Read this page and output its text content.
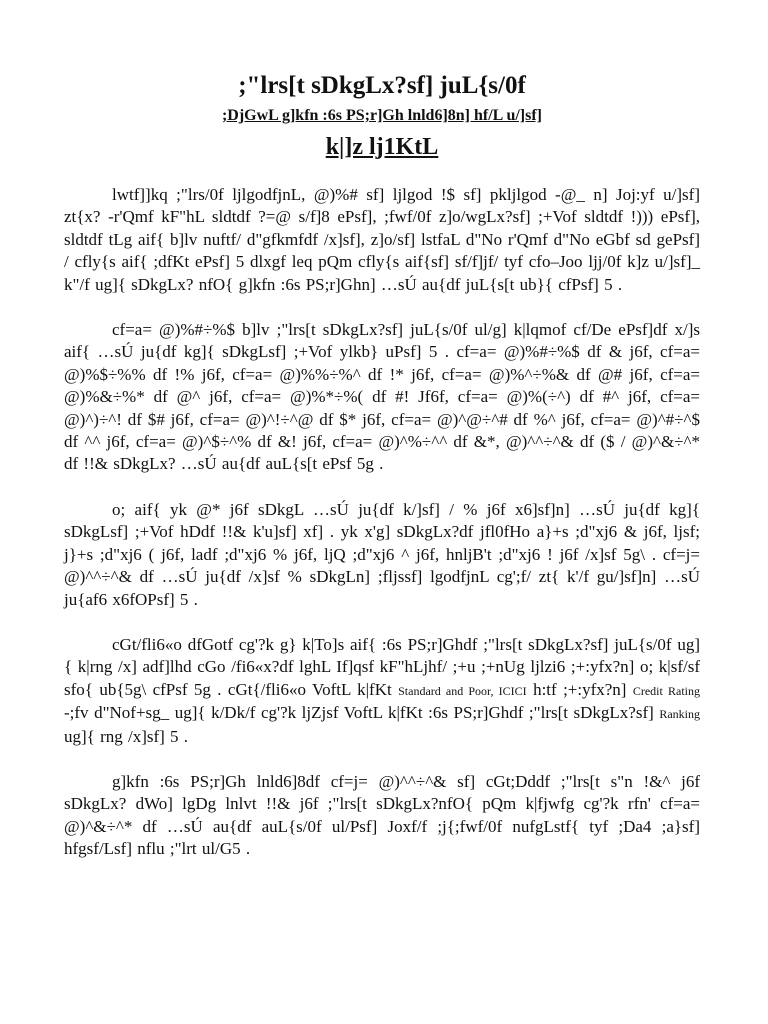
;"lrs[t sDkgLx?sf] juL{s/0f
;DjGwL g]kfn :6s PS;r]Gh lnld6]8n] hf/L u/]sf]
k|]z lj1KtL

lwtf]]kq ;"lrs/0f ljlgodfjnL, @)%# sf] ljlgod !$ sf] pkljlgod -@_ n] Joj:yf u/]sf] zt{x? -r'Qmf kF"hL sldtdf ?=@ s/f]8 ePsf], ;fwf/0f z]o/wgLx?sf] ;+Vof sldtdf !))) ePsf], sldtdf tLg aif{ b]lv nuftf/ d"gfkmfdf /x]sf], z]o/sf] lstfaL d"No r'Qmf d"No eGbf sd gePsf] / cfly{s aif{ ;dfKt ePsf] 5 dlxgf leq pQm cfly{s aif{sf] sf/f]jf/ tyf cfo–Joo ljj/0f k]z u/]sf]_ k"/f ug]{ sDkgLx? nfO{ g]kfn :6s PS;r]Ghn] …sÚ au{df juL{s[t ub}{ cfPsf] 5 .

cf=a= @)%#÷%$ b]lv ;"lrs[t sDkgLx?sf] juL{s/0f ul/g] k|lqmof cf/De ePsf]df x/]s aif{ …sÚ ju{df kg]{ sDkgLsf] ;+Vof ylkb} uPsf] 5 . cf=a= @)%#÷%$ df & j6f, cf=a= @)%$÷%% df !% j6f, cf=a= @)%%÷%^ df !* j6f, cf=a= @)%^÷%& df @# j6f, cf=a= @)%&÷%* df @^ j6f, cf=a= @)%*÷%( df #! Jf6f, cf=a= @)%(÷^) df #^ j6f, cf=a= @)^)÷^! df $# j6f, cf=a= @)^!÷^@ df $* j6f, cf=a= @)^@÷^# df %^ j6f, cf=a= @)^#÷^$ df ^^ j6f, cf=a= @)^$÷^% df &! j6f, cf=a= @)^%÷^^ df &*, @)^^÷^& df ($ / @)^&÷^* df !!& sDkgLx? …sÚ au{df auL{s[t ePsf 5g .

o; aif{ yk @* j6f sDkgL …sÚ ju{df k/]sf] / % j6f x6]sf]n] …sÚ ju{df kg]{ sDkgLsf] ;+Vof hDdf !!& k'u]sf] xf] . yk x'g] sDkgLx?df jfl0fHo a}+s ;d"xj6 & j6f, ljsf; j}+s ;d"xj6 ( j6f, ladf ;d"xj6 % j6f, ljQ ;d"xj6 ^ j6f, hnljB't ;d"xj6 ! j6f /x]sf 5g\ . cf=j= @)^^÷^& df …sÚ ju{df /x]sf % sDkgLn] ;fljssf] lgodfjnL cg';f/ zt{ k'/f gu/]sf]n] …sÚ ju{af6 x6fOPsf] 5 .

cGt/fli6«o dfGotf cg'?k g} k|To]s aif{ :6s PS;r]Ghdf ;"lrs[t sDkgLx?sf] juL{s/0f ug]{ k|rng /x] adf]lhd cGo /fi6«x?df lghL If]qsf kF"hLjhf/ ;+u ;+nUg ljlzi6 ;+:yfx?n] o; k|sf/sf sfo{ ub{5g\ cfPsf 5g . cGt{/fli6«o VoftL k|fKt Standard and Poor, ICICI h:tf ;+:yfx?n] Credit Rating -;fv d"Nof+sg_ ug]{ k/Dk/f cg'?k ljZjsf VoftL k|fKt :6s PS;r]Ghdf ;"lrs[t sDkgLx?sf] Ranking ug]{ rng /x]sf] 5 .

g]kfn :6s PS;r]Gh lnld6]8df cf=j= @)^^÷^& sf] cGt;Dddf ;"lrs[t s"n !&^ j6f sDkgLx? dWo] lgDg lnlvt !!& j6f ;"lrs[t sDkgLx?nfO{ pQm k|fjwfg cg'?k rfn' cf=a= @)^&÷^* df …sÚ au{df auL{s/0f ul/Psf] Joxf/f ;j{;fwf/0f nufgLstf{ tyf ;Da4 ;a}sf] hfgsf/Lsf] nflu ;"lrt ul/G5 .
